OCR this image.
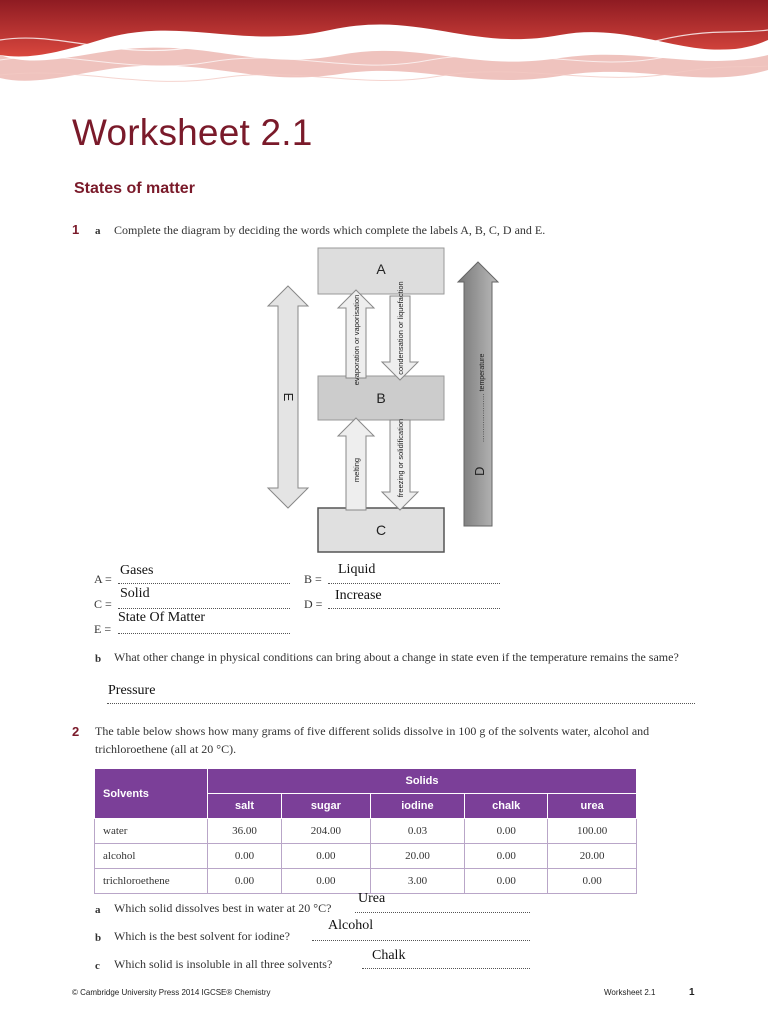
Worksheet 2.1
States of matter
1 a Complete the diagram by deciding the words which complete the labels A, B, C, D and E.
A
B
C
E
evaporation or vaporisation	condensation or liquefaction
melting	freezing or solidification	D
………………… temperature
A =
Gases
B =
Liquid
C =
Solid
D =
Increase
E =
State Of Matter
b What other change in physical conditions can bring about a change in state even if the temperature remains the same?
Pressure
2 The table below shows how many grams of five different solids dissolve in 100 g of the solvents water, alcohol and trichloroethene (all at 20 °C).
Solvents	Solids				
	salt	sugar	iodine	chalk	urea
water	36.00	204.00	0.03	0.00	100.00
alcohol	0.00	0.00	20.00	0.00	20.00
trichloroethene	0.00	0.00	3.00	0.00	0.00
a Which solid dissolves best in water at 20 °C?
Urea
b Which is the best solvent for iodine?
Alcohol
c Which solid is insoluble in all three solvents?
Chalk
© Cambridge University Press 2014 IGCSE® Chemistry	Worksheet 2.1	1
